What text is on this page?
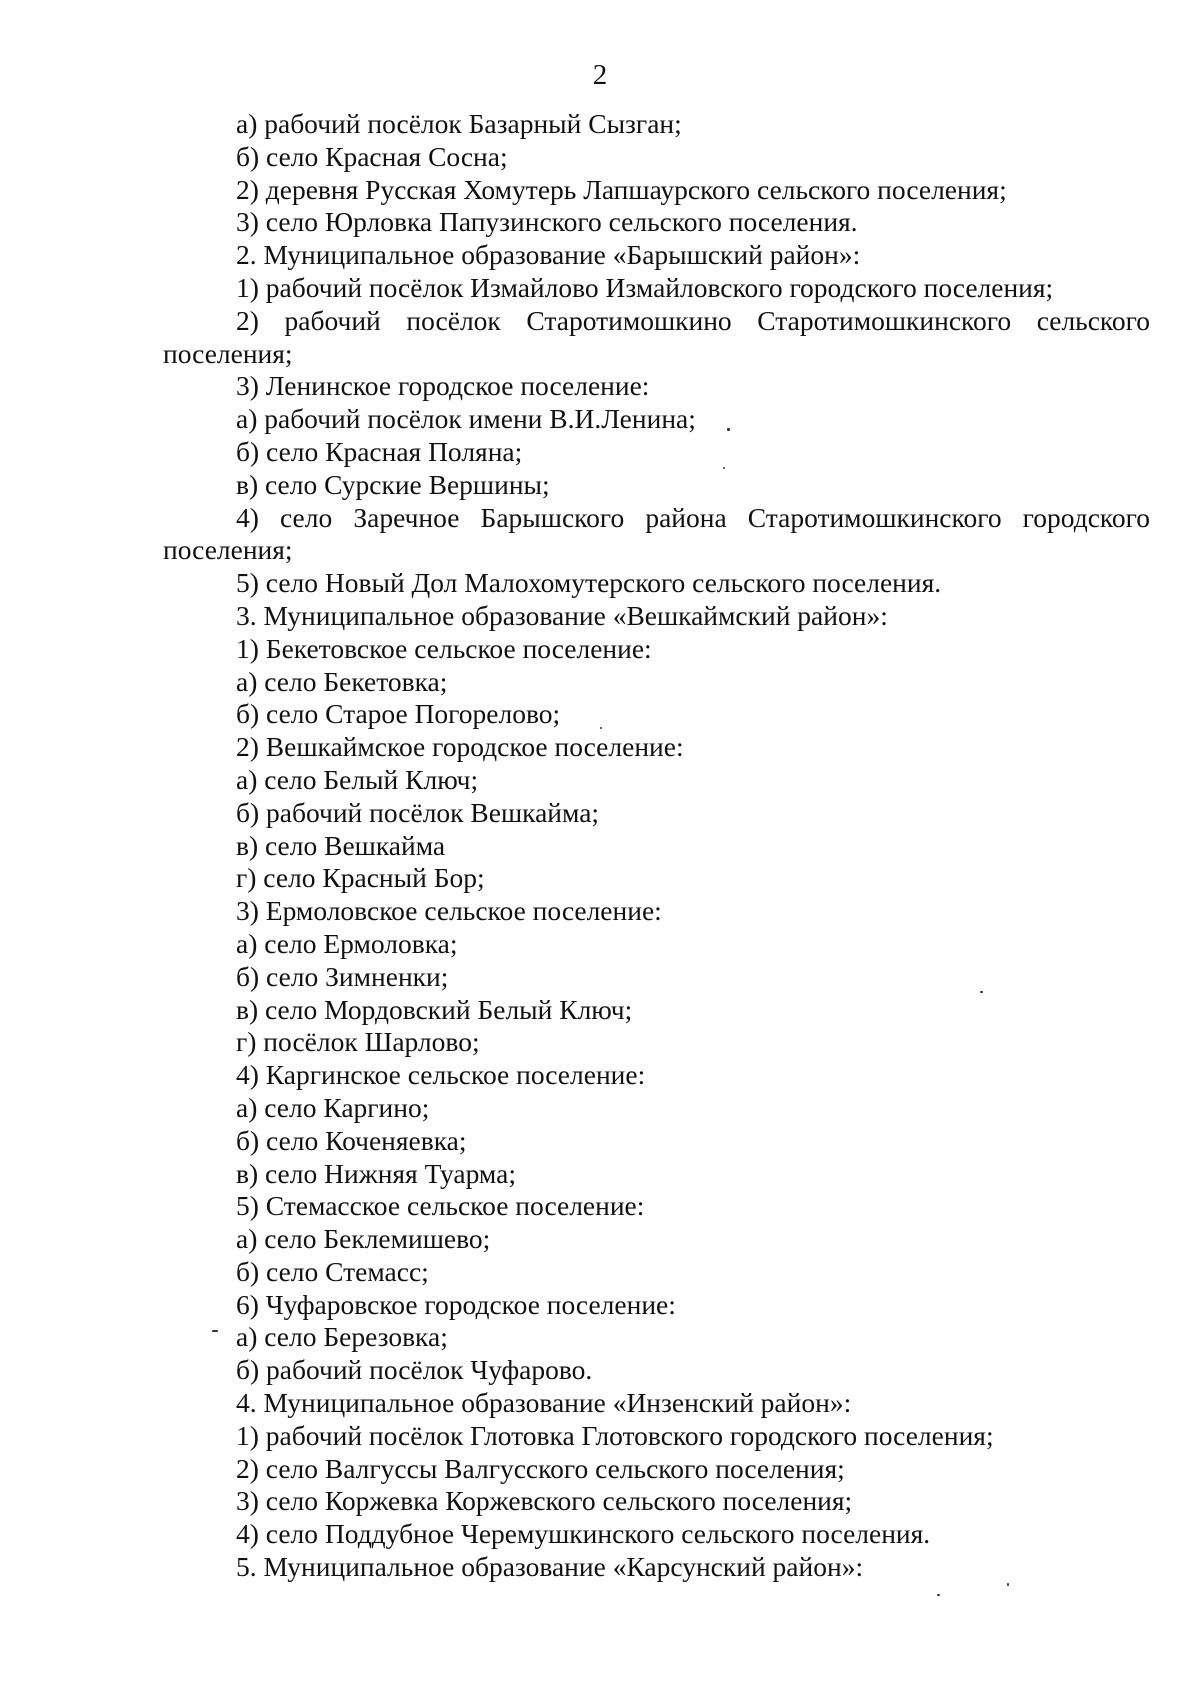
2
а) рабочий посёлок Базарный Сызган;
б) село Красная Сосна;
2) деревня Русская Хомутерь Лапшаурского сельского поселения;
3) село Юрловка Папузинского сельского поселения.
2. Муниципальное образование «Барышский район»:
1) рабочий посёлок Измайлово Измайловского городского поселения;
2) рабочий посёлок Старотимошкино Старотимошкинского сельского
поселения;
3) Ленинское городское поселение:
а) рабочий посёлок имени В.И.Ленина;
б) село Красная Поляна;
в) село Сурские Вершины;
4) село Заречное Барышского района Старотимошкинского городского
поселения;
5) село Новый Дол Малохомутерского сельского поселения.
3. Муниципальное образование «Вешкаймский район»:
1) Бекетовское сельское поселение:
а) село Бекетовка;
б) село Старое Погорелово;
2) Вешкаймское городское поселение:
а) село Белый Ключ;
б) рабочий посёлок Вешкайма;
в) село Вешкайма
г) село Красный Бор;
3) Ермоловское сельское поселение:
а) село Ермоловка;
б) село Зимненки;
в) село Мордовский Белый Ключ;
г) посёлок Шарлово;
4) Каргинское сельское поселение:
а) село Каргино;
б) село Коченяевка;
в) село Нижняя Туарма;
5) Стемасское сельское поселение:
а) село Беклемишево;
б) село Стемасс;
6) Чуфаровское городское поселение:
а) село Березовка;
б) рабочий посёлок Чуфарово.
4. Муниципальное образование «Инзенский район»:
1) рабочий посёлок Глотовка Глотовского городского поселения;
2) село Валгуссы Валгусского сельского поселения;
3) село Коржевка Коржевского сельского поселения;
4) село Поддубное Черемушкинского сельского поселения.
5. Муниципальное образование «Карсунский район»:
